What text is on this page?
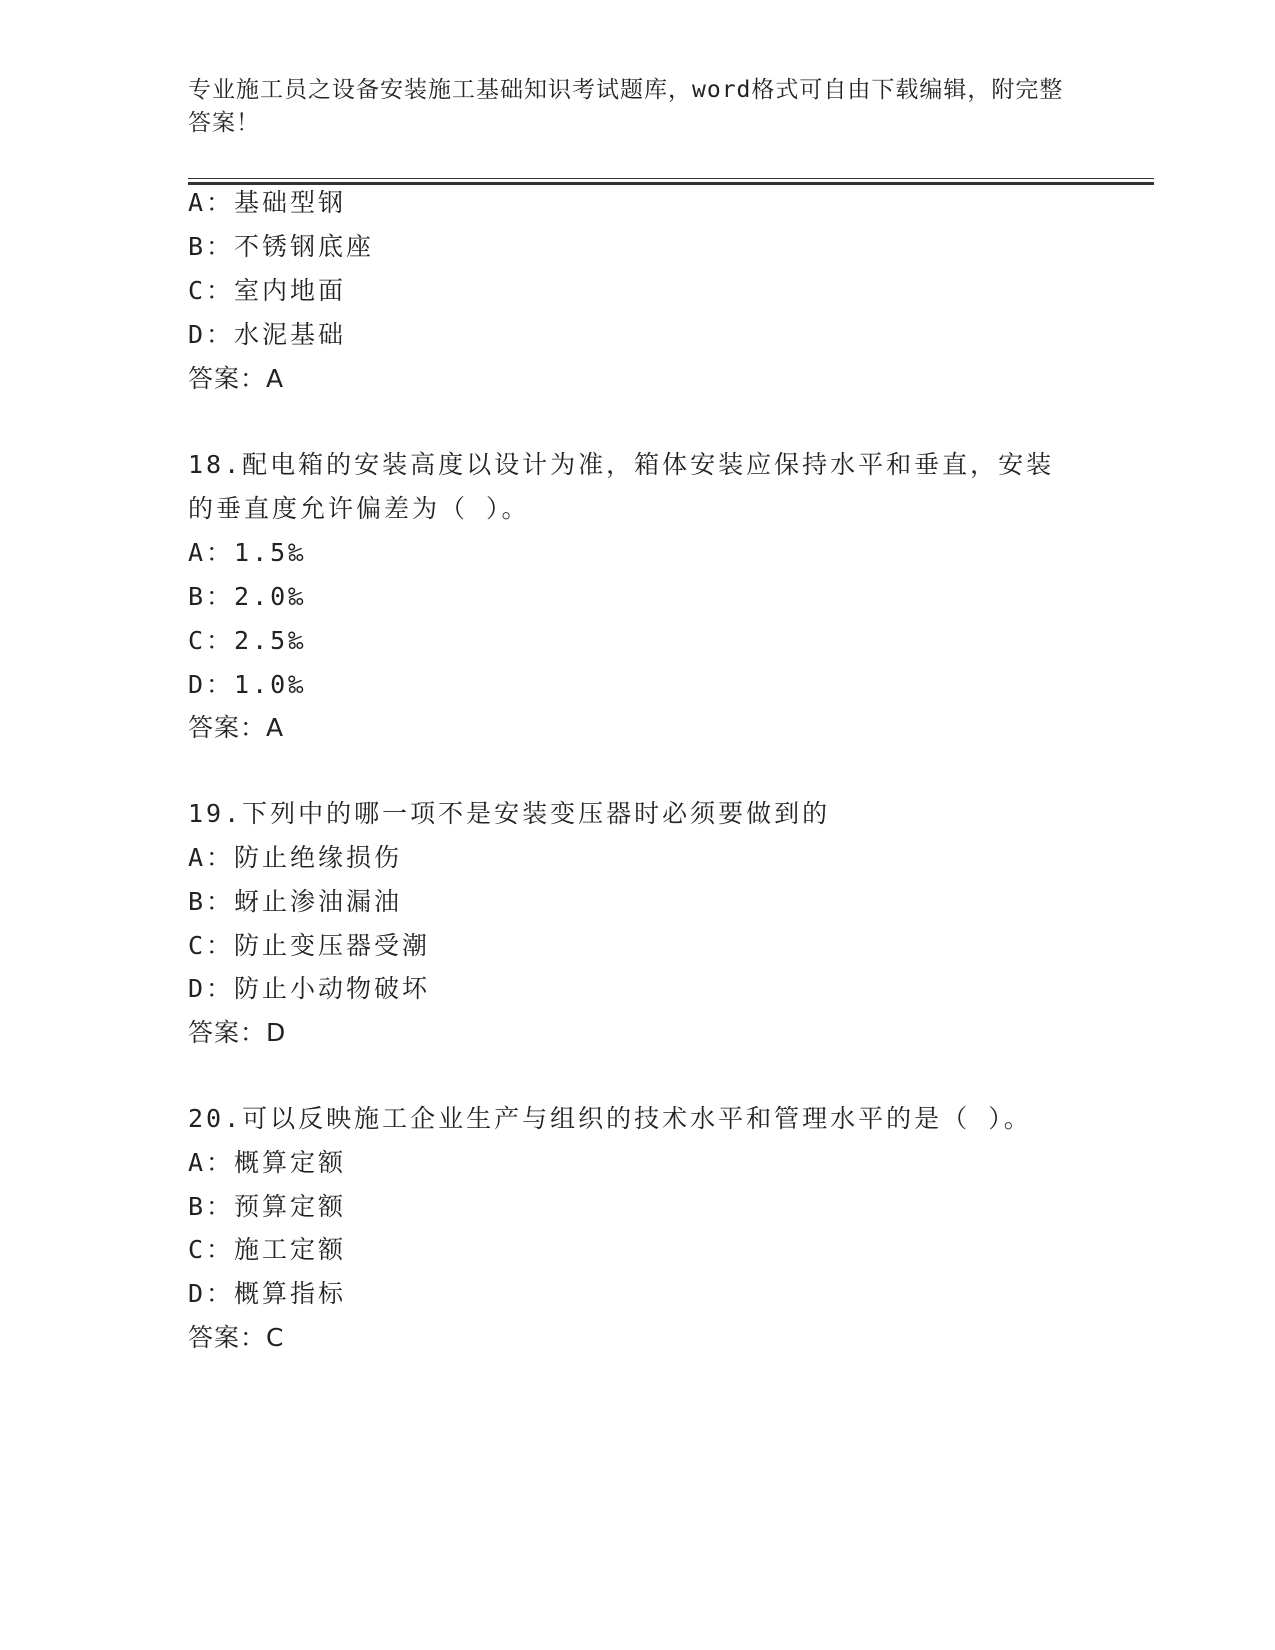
专业施工员之设备安装施工基础知识考试题库，word格式可自由下载编辑，附完整答案！
A：基础型钢
B：不锈钢底座
C：室内地面
D：水泥基础
答案：A
18.配电箱的安装高度以设计为准，箱体安装应保持水平和垂直，安装
的垂直度允许偏差为（ ）。
A：1.5‰
B：2.0‰
C：2.5‰
D：1.0‰
答案：A
19.下列中的哪一项不是安装变压器时必须要做到的
A：防止绝缘损伤
B：蚜止渗油漏油
C：防止变压器受潮
D：防止小动物破坏
答案：D
20.可以反映施工企业生产与组织的技术水平和管理水平的是（ ）。
A：概算定额
B：预算定额
C：施工定额
D：概算指标
答案：C
